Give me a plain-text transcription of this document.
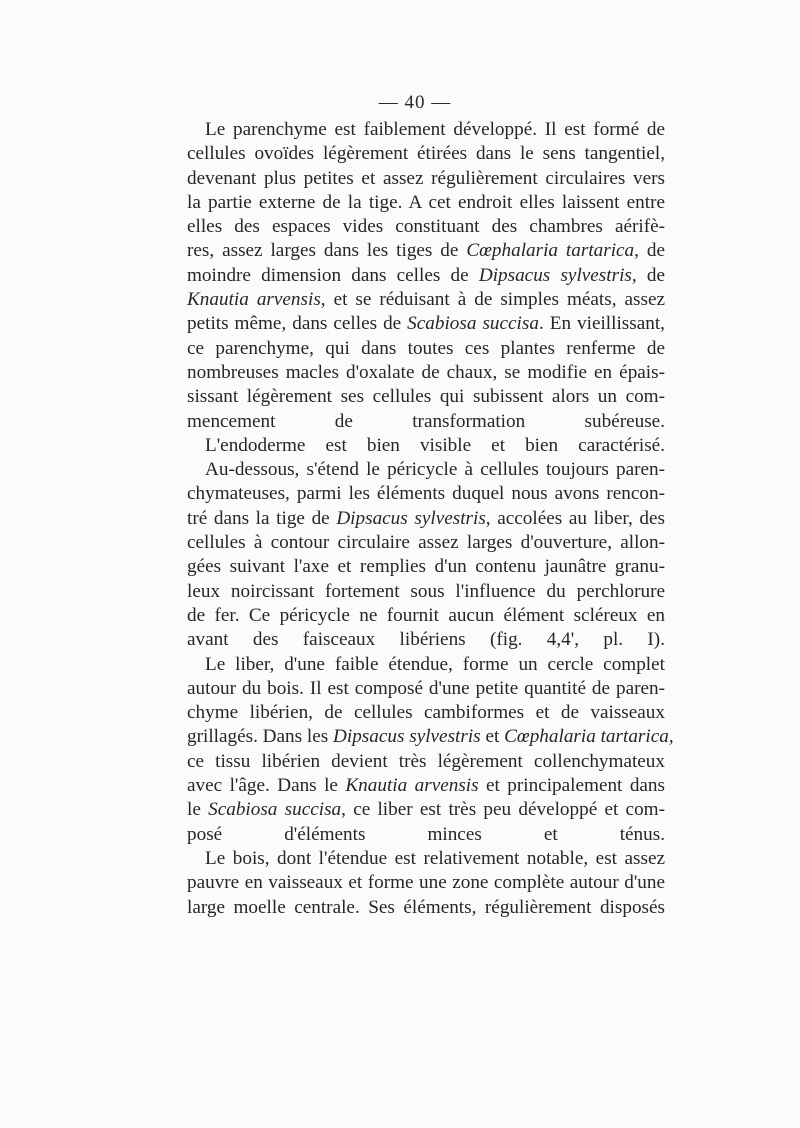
— 40 —

Le parenchyme est faiblement développé. Il est formé de
cellules ovoïdes légèrement étirées dans le sens tangentiel,
devenant plus petites et assez régulièrement circulaires vers
la partie externe de la tige. A cet endroit elles laissent entre
elles des espaces vides constituant des chambres aérifè-
res, assez larges dans les tiges de Cœphalaria tartarica, de
moindre dimension dans celles de Dipsacus sylvestris, de
Knautia arvensis, et se réduisant à de simples méats, assez
petits même, dans celles de Scabiosa succisa. En vieillissant,
ce parenchyme, qui dans toutes ces plantes renferme de
nombreuses macles d'oxalate de chaux, se modifie en épais-
sissant légèrement ses cellules qui subissent alors un com-
mencement de transformation subéreuse.

L'endoderme est bien visible et bien caractérisé.

Au-dessous, s'étend le péricycle à cellules toujours paren-
chymateuses, parmi les éléments duquel nous avons rencon-
tré dans la tige de Dipsacus sylvestris, accolées au liber, des
cellules à contour circulaire assez larges d'ouverture, allon-
gées suivant l'axe et remplies d'un contenu jaunâtre granu-
leux noircissant fortement sous l'influence du perchlorure
de fer. Ce péricycle ne fournit aucun élément scléreux en
avant des faisceaux libériens (fig. 4,4', pl. I).

Le liber, d'une faible étendue, forme un cercle complet
autour du bois. Il est composé d'une petite quantité de paren-
chyme libérien, de cellules cambiformes et de vaisseaux
grillagés. Dans les Dipsacus sylvestris et Cœphalaria tartarica,
ce tissu libérien devient très légèrement collenchymateux
avec l'âge. Dans le Knautia arvensis et principalement dans
le Scabiosa succisa, ce liber est très peu développé et com-
posé d'éléments minces et ténus.

Le bois, dont l'étendue est relativement notable, est assez
pauvre en vaisseaux et forme une zone complète autour d'une
large moelle centrale. Ses éléments, régulièrement disposés
